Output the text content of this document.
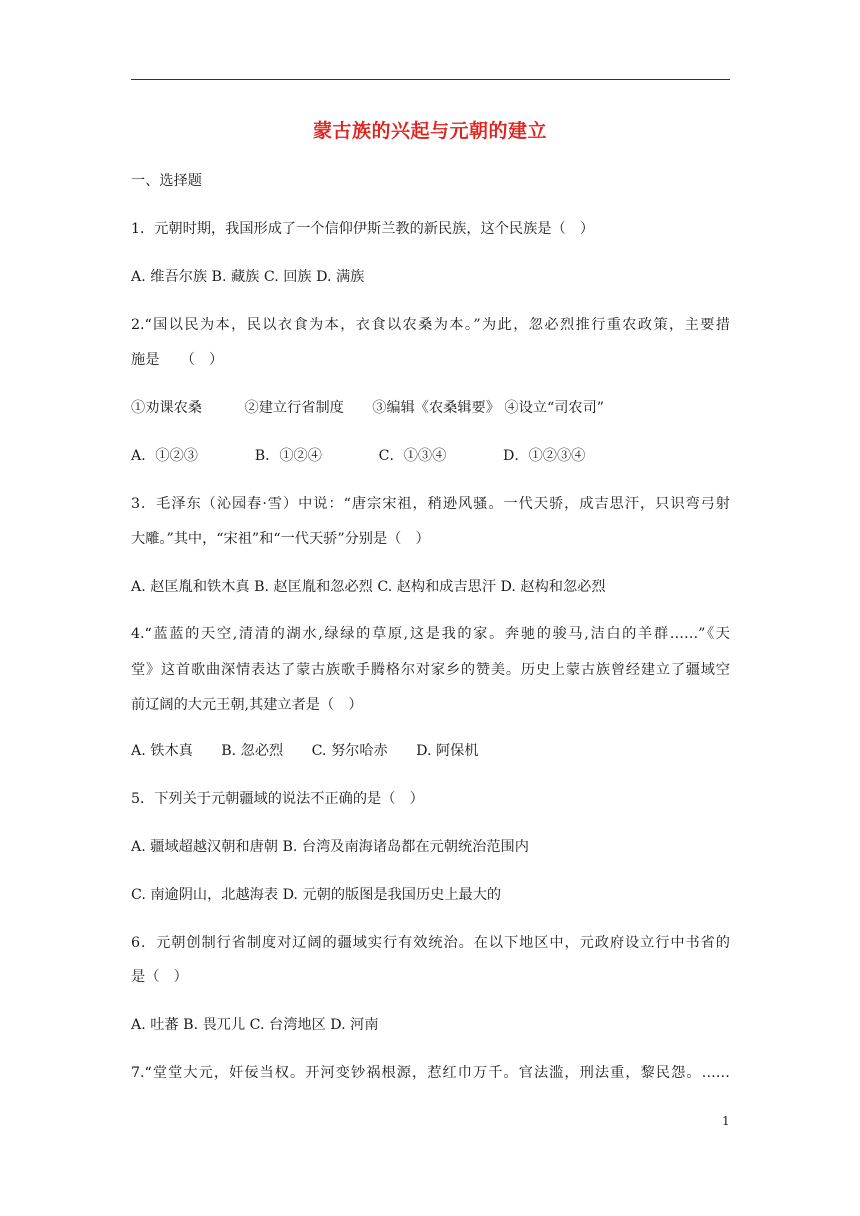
蒙古族的兴起与元朝的建立
一、选择题
1．元朝时期，我国形成了一个信仰伊斯兰教的新民族，这个民族是（　）
A. 维吾尔族 B. 藏族 C. 回族 D. 满族
2.“国以民为本，民以衣食为本，衣食以农桑为本。”为此，忽必烈推行重农政策，主要措
施是　　（　）
①劝课农桑　　　②建立行省制度　　③编辑《农桑辑要》 ④设立“司农司”
A．①②③　　　　B．①②④　　　　C．①③④　　　　D．①②③④
3．毛泽东（沁园春·雪）中说：“唐宗宋祖，稍逊风骚。一代天骄，成吉思汗，只识弯弓射
大雕。”其中，“宋祖”和“一代天骄”分别是（　）
A. 赵匡胤和铁木真 B. 赵匡胤和忽必烈 C. 赵构和成吉思汗 D. 赵构和忽必烈
4.“蓝蓝的天空,清清的湖水,绿绿的草原,这是我的家。奔驰的骏马,洁白的羊群……”《天
堂》这首歌曲深情表达了蒙古族歌手腾格尔对家乡的赞美。历史上蒙古族曾经建立了疆域空
前辽阔的大元王朝,其建立者是（　）
A. 铁木真　　B. 忽必烈　　C. 努尔哈赤　　D. 阿保机
5．下列关于元朝疆域的说法不正确的是（　）
A. 疆域超越汉朝和唐朝 B. 台湾及南海诸岛都在元朝统治范围内
C. 南逾阴山，北越海表 D. 元朝的版图是我国历史上最大的
6．元朝创制行省制度对辽阔的疆域实行有效统治。在以下地区中，元政府设立行中书省的
是（　）
A. 吐蕃 B. 畏兀儿 C. 台湾地区 D. 河南
7.“堂堂大元，奸佞当权。开河变钞祸根源，惹红巾万千。官法滥，刑法重，黎民怨。……
1
